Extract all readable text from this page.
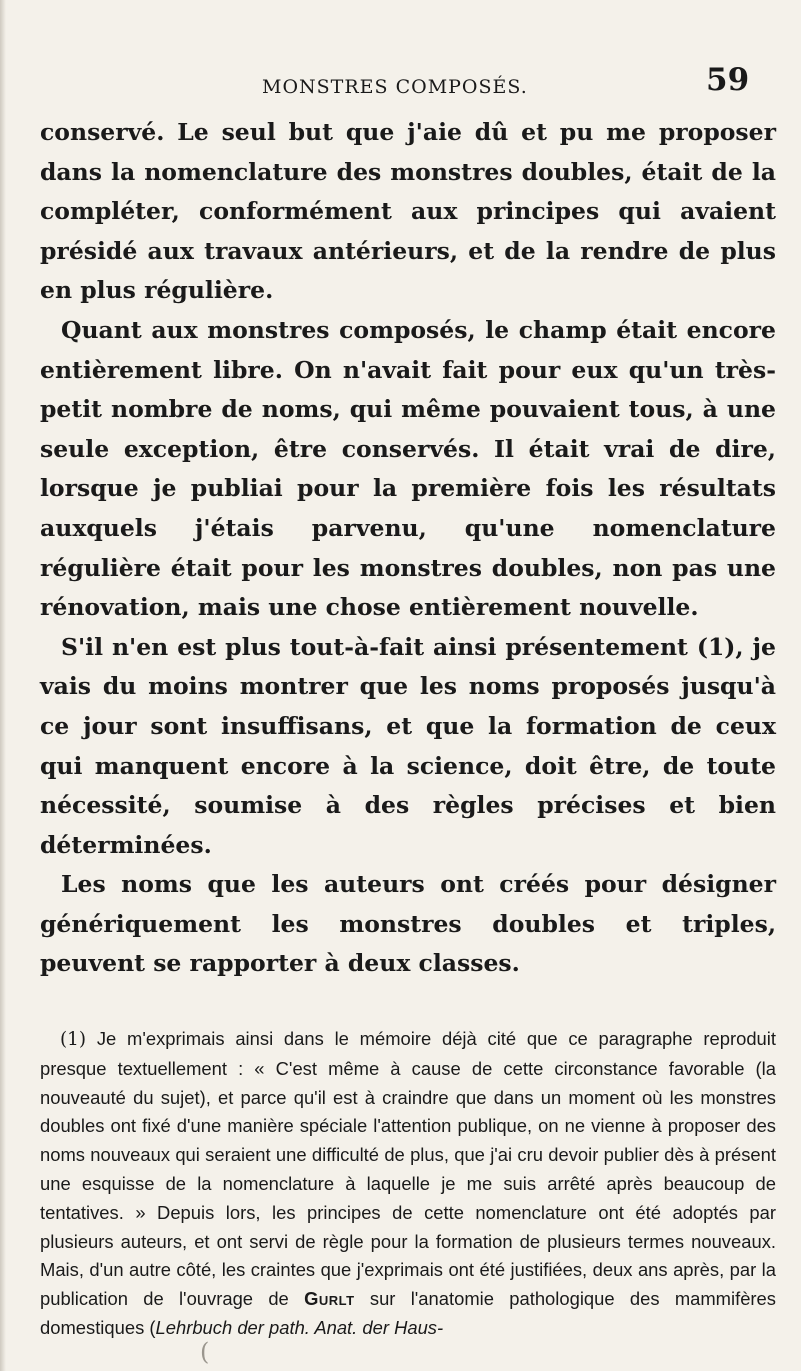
MONSTRES COMPOSÉS.	59

conservé. Le seul but que j'aie dû et pu me proposer dans la nomenclature des monstres doubles, était de la compléter, conformément aux principes qui avaient présidé aux travaux antérieurs, et de la rendre de plus en plus régulière.

Quant aux monstres composés, le champ était encore entièrement libre. On n'avait fait pour eux qu'un très-petit nombre de noms, qui même pouvaient tous, à une seule exception, être conservés. Il était vrai de dire, lorsque je publiai pour la première fois les résultats auxquels j'étais parvenu, qu'une nomenclature régulière était pour les monstres doubles, non pas une rénovation, mais une chose entièrement nouvelle.

S'il n'en est plus tout-à-fait ainsi présentement (1), je vais du moins montrer que les noms proposés jusqu'à ce jour sont insuffisans, et que la formation de ceux qui manquent encore à la science, doit être, de toute nécessité, soumise à des règles précises et bien déterminées.

Les noms que les auteurs ont créés pour désigner génériquement les monstres doubles et triples, peuvent se rapporter à deux classes.

(1) Je m'exprimais ainsi dans le mémoire déjà cité que ce paragraphe reproduit presque textuellement : « C'est même à cause de cette circonstance favorable (la nouveauté du sujet), et parce qu'il est à craindre que dans un moment où les monstres doubles ont fixé d'une manière spéciale l'attention publique, on ne vienne à proposer des noms nouveaux qui seraient une difficulté de plus, que j'ai cru devoir publier dès à présent une esquisse de la nomenclature à laquelle je me suis arrêté après beaucoup de tentatives. » Depuis lors, les principes de cette nomenclature ont été adoptés par plusieurs auteurs, et ont servi de règle pour la formation de plusieurs termes nouveaux. Mais, d'un autre côté, les craintes que j'exprimais ont été justifiées, deux ans après, par la publication de l'ouvrage de Gurlt sur l'anatomie pathologique des mammifères domestiques (Lehrbuch der path. Anat. der Haus-

(
